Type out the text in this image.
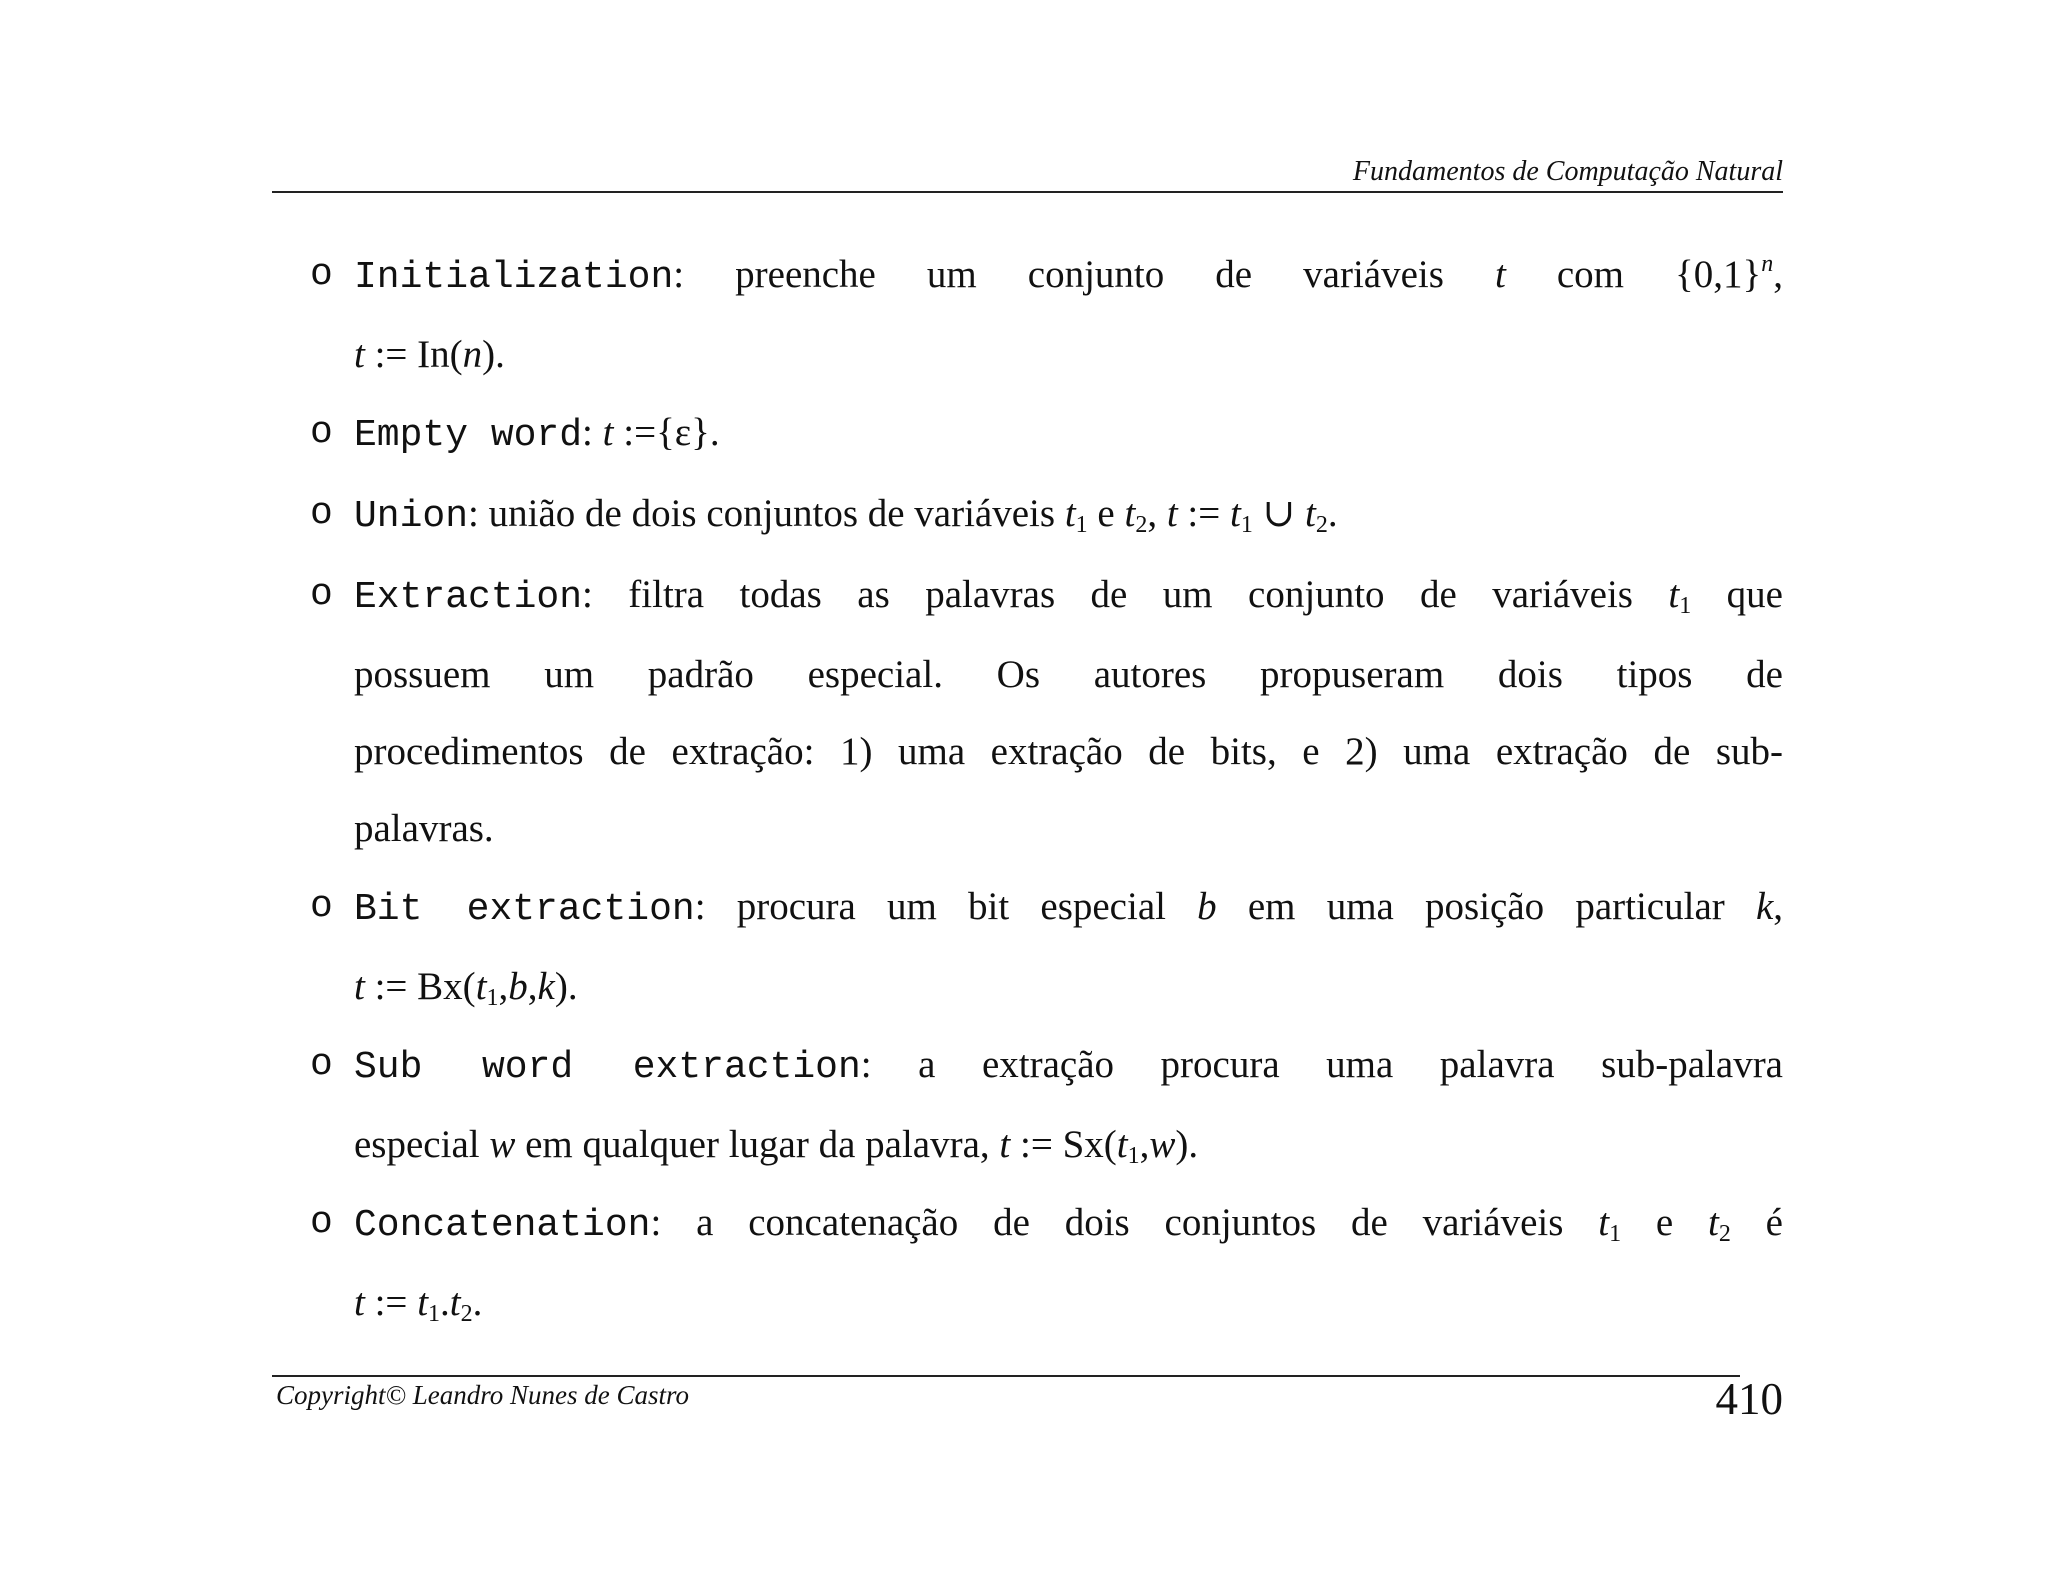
Fundamentos de Computação Natural
o Initialization: preenche um conjunto de variáveis t com $\{0,1\}^n$,
t := In(n).
o Empty word: t :={ε}.
o Union: união de dois conjuntos de variáveis $t_1$ e $t_2$, t := $t_1$ ∪ $t_2$.
o Extraction: filtra todas as palavras de um conjunto de variáveis $t_1$ que
possuem um padrão especial. Os autores propuseram dois tipos de
procedimentos de extração: 1) uma extração de bits, e 2) uma extração de sub-
palavras.
o Bit extraction: procura um bit especial b em uma posição particular k,
t := $Bx(t_1,b,k)$.
o Sub word extraction: a extração procura uma palavra sub-palavra
especial w em qualquer lugar da palavra, t := $Sx(t_1,w)$.
o Concatenation: a concatenação de dois conjuntos de variáveis $t_1$ e $t_2$ é
t := $t_1.t_2$.
Copyright© Leandro Nunes de Castro	410
